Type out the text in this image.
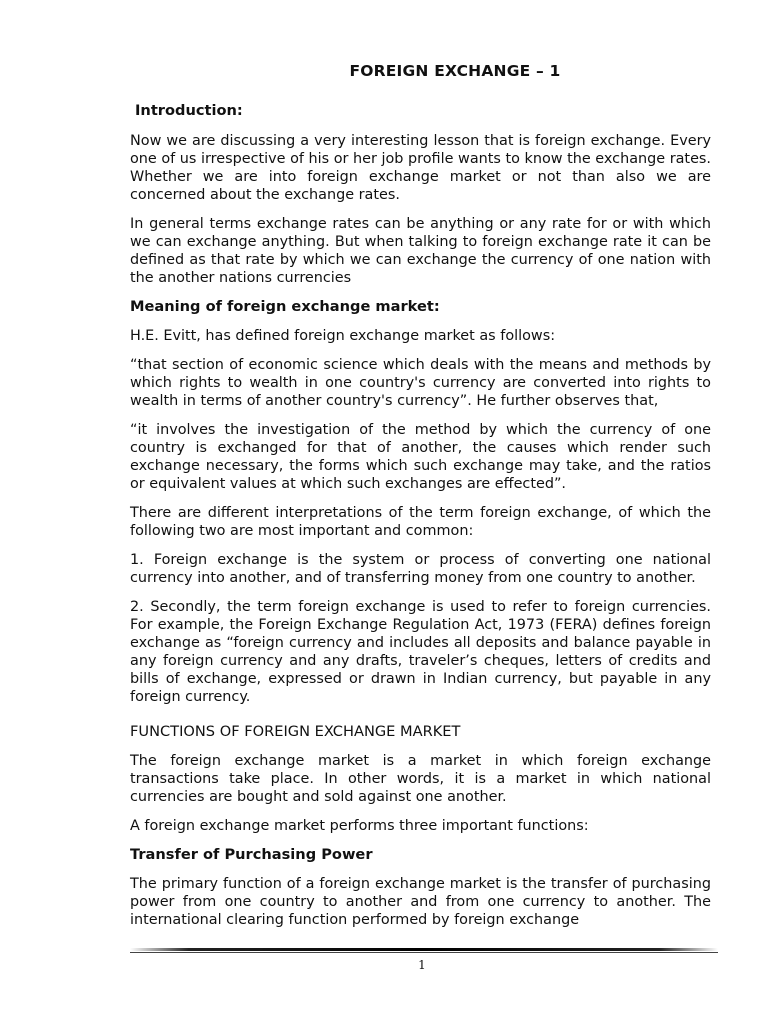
FOREIGN EXCHANGE – 1
Introduction:

Now we are discussing a very interesting lesson that is foreign exchange. Every one of us irrespective of his or her job profile wants to know the exchange rates. Whether we are into foreign exchange market or not than also we are concerned about the exchange rates.

In general terms exchange rates can be anything or any rate for or with which we can exchange anything. But when talking to foreign exchange rate it can be defined as that rate by which we can exchange the currency of one nation with the another nations currencies

Meaning of foreign exchange market:

H.E. Evitt, has defined foreign exchange market as follows:

“that section of economic science which deals with the means and methods by which rights to wealth in one country's currency are converted into rights to wealth in terms of another country's currency”. He further observes that,

“it involves the investigation of the method by which the currency of one country is exchanged for that of another, the causes which render such exchange necessary, the forms which such exchange may take, and the ratios or equivalent values at which such exchanges are effected”.

There are different interpretations of the term foreign exchange, of which the following two are most important and common:

1. Foreign exchange is the system or process of converting one national currency into another, and of transferring money from one country to another.

2. Secondly, the term foreign exchange is used to refer to foreign currencies. For example, the Foreign Exchange Regulation Act, 1973 (FERA) defines foreign exchange as “foreign currency and includes all deposits and balance payable in any foreign currency and any drafts, traveler’s cheques, letters of credits and bills of exchange, expressed or drawn in Indian currency, but payable in any foreign currency.

FUNCTIONS OF FOREIGN EXCHANGE MARKET

The foreign exchange market is a market in which foreign exchange transactions take place. In other words, it is a market in which national currencies are bought and sold against one another.

A foreign exchange market performs three important functions:

Transfer of Purchasing Power

The primary function of a foreign exchange market is the transfer of purchasing power from one country to another and from one currency to another. The international clearing function performed by foreign exchange

1
